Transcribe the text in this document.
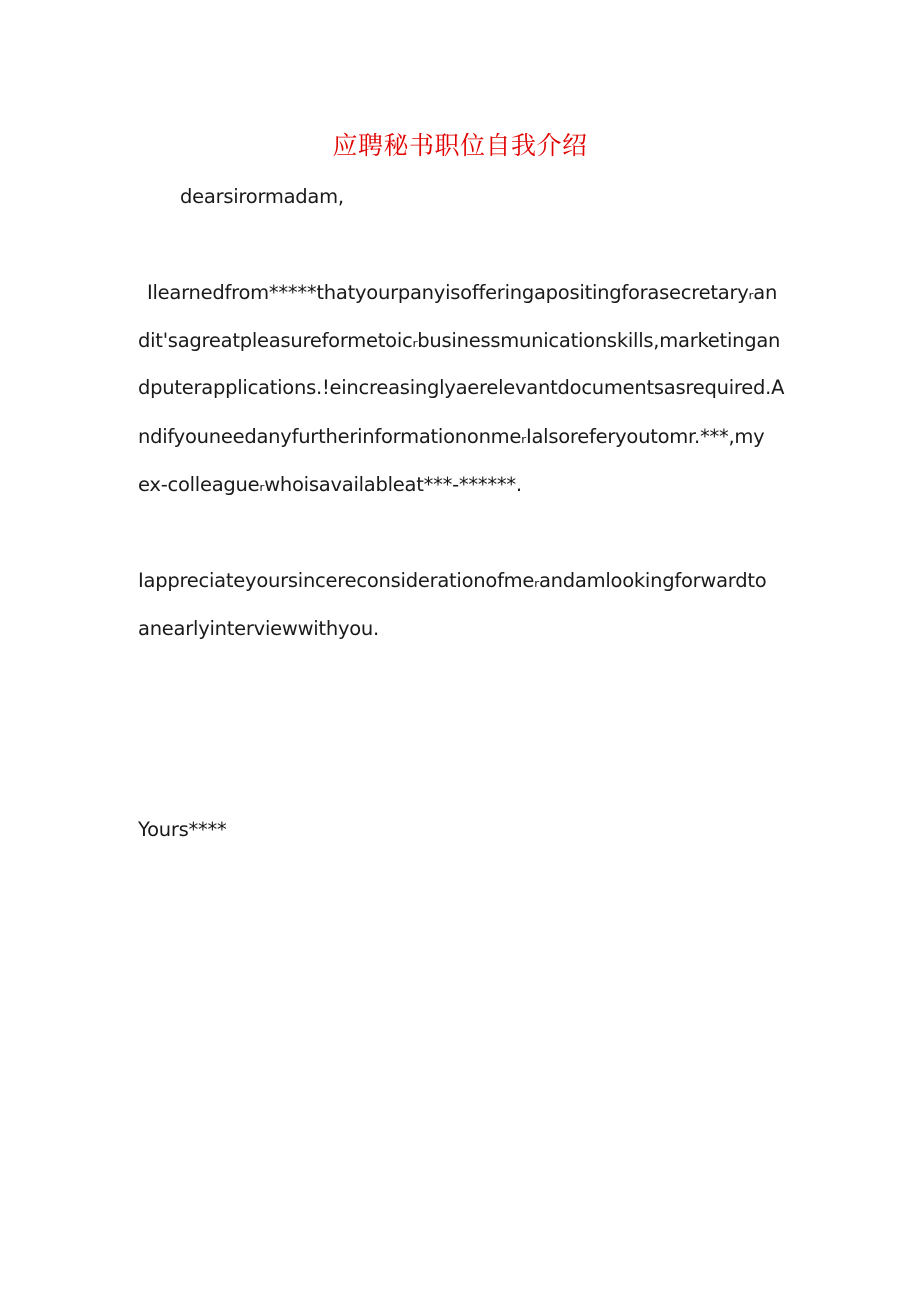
应聘秘书职位自我介绍
dearsirormadam,
Ilearnedfrom*****thatyourpanyisofferingapositingforasecretaryᵣan
dit'sagreatpleasureformetoicᵣbusinessmunicationskills,marketingan
dputerapplications.!eincreasinglyaerelevantdocumentsasrequired.A
ndifyouneedanyfurtherinformationonmeᵣIalsoreferyoutomr.***,my
ex-colleagueᵣwhoisavailableat***-******.
Iappreciateyoursincereconsiderationofmeᵣandamlookingforwardto
anearlyinterviewwithyou.
Yours****
